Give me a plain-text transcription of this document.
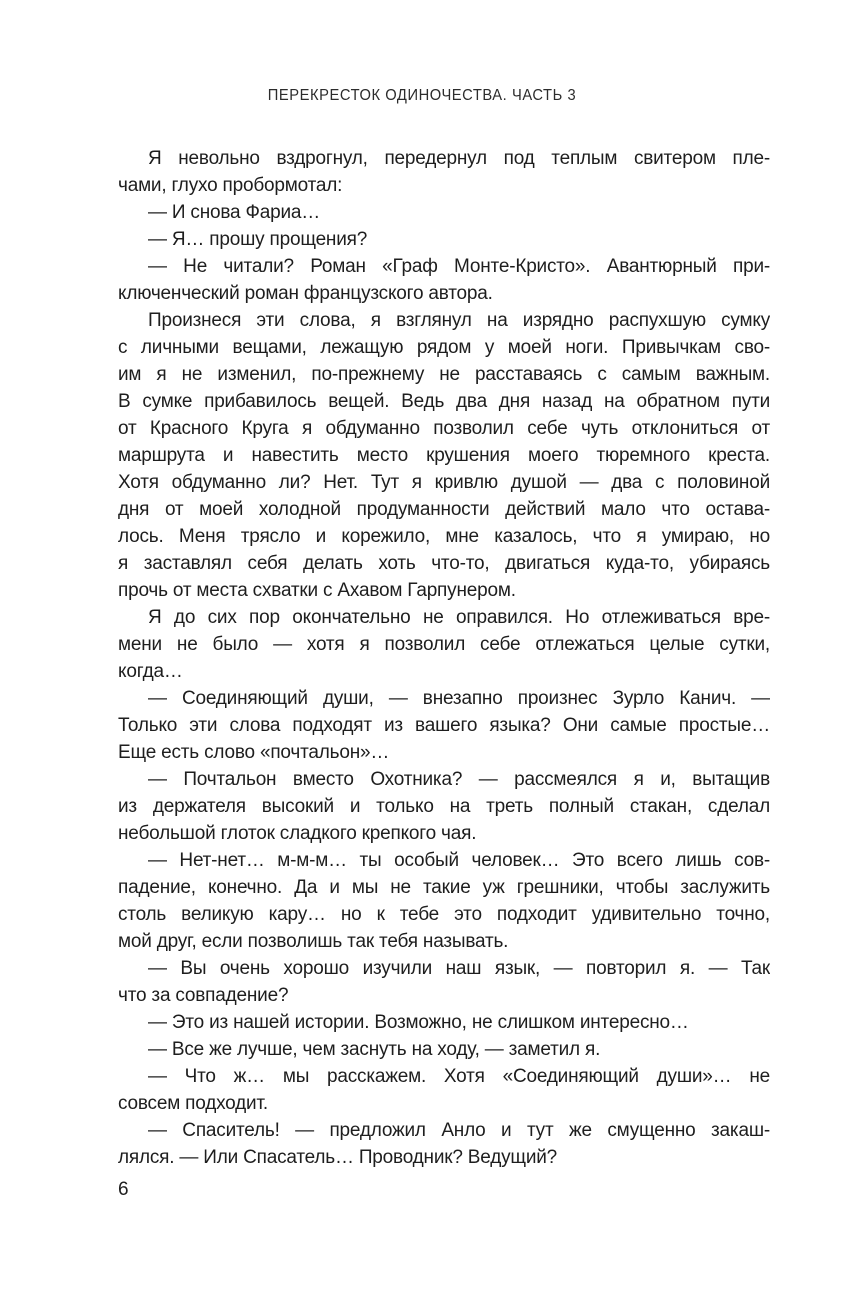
ПЕРЕКРЕСТОК ОДИНОЧЕСТВА. ЧАСТЬ 3
Я невольно вздрогнул, передернул под теплым свитером пле-
чами, глухо пробормотал:
— И снова Фариа…
— Я… прошу прощения?
— Не читали? Роман «Граф Монте-Кристо». Авантюрный при-
ключенческий роман французского автора.
Произнеся эти слова, я взглянул на изрядно распухшую сумку
с личными вещами, лежащую рядом у моей ноги. Привычкам сво-
им я не изменил, по-прежнему не расставаясь с самым важным.
В сумке прибавилось вещей. Ведь два дня назад на обратном пути
от Красного Круга я обдуманно позволил себе чуть отклониться от
маршрута и навестить место крушения моего тюремного креста.
Хотя обдуманно ли? Нет. Тут я кривлю душой — два с половиной
дня от моей холодной продуманности действий мало что остава-
лось. Меня трясло и корежило, мне казалось, что я умираю, но
я заставлял себя делать хоть что-то, двигаться куда-то, убираясь
прочь от места схватки с Ахавом Гарпунером.
Я до сих пор окончательно не оправился. Но отлеживаться вре-
мени не было — хотя я позволил себе отлежаться целые сутки,
когда…
— Соединяющий души, — внезапно произнес Зурло Канич. —
Только эти слова подходят из вашего языка? Они самые простые…
Еще есть слово «почтальон»…
— Почтальон вместо Охотника? — рассмеялся я и, вытащив
из держателя высокий и только на треть полный стакан, сделал
небольшой глоток сладкого крепкого чая.
— Нет-нет… м-м-м… ты особый человек… Это всего лишь сов-
падение, конечно. Да и мы не такие уж грешники, чтобы заслужить
столь великую кару… но к тебе это подходит удивительно точно,
мой друг, если позволишь так тебя называть.
— Вы очень хорошо изучили наш язык, — повторил я. — Так
что за совпадение?
— Это из нашей истории. Возможно, не слишком интересно…
— Все же лучше, чем заснуть на ходу, — заметил я.
— Что ж… мы расскажем. Хотя «Соединяющий души»… не
совсем подходит.
— Спаситель! — предложил Анло и тут же смущенно закаш-
лялся. — Или Спасатель… Проводник? Ведущий?
6
